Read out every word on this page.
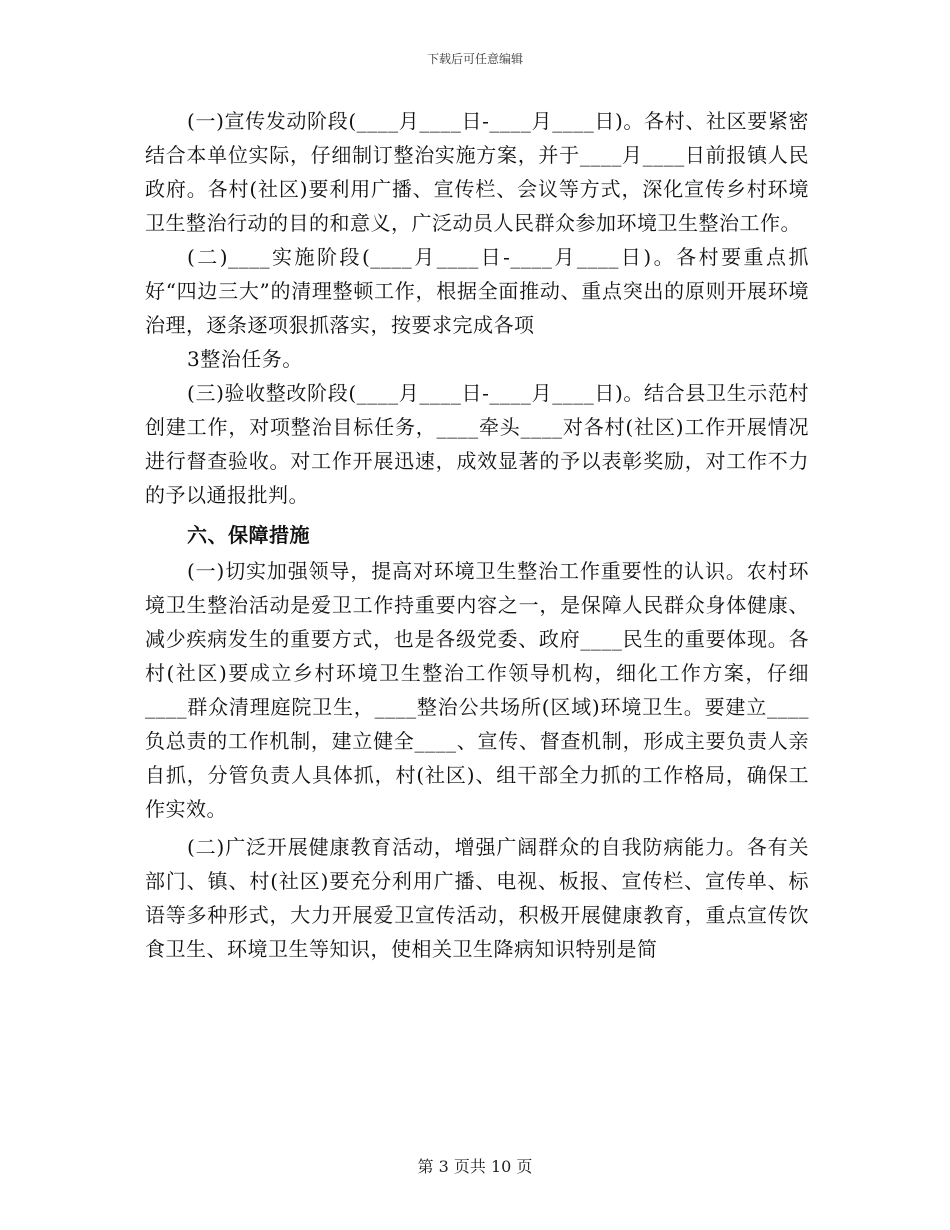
下载后可任意编辑

(一)宣传发动阶段(____月____日-____月____日)。各村、社区要紧密结合本单位实际，仔细制订整治实施方案，并于____月____日前报镇人民政府。各村(社区)要利用广播、宣传栏、会议等方式，深化宣传乡村环境卫生整治行动的目的和意义，广泛动员人民群众参加环境卫生整治工作。

(二)____实施阶段(____月____日-____月____日)。各村要重点抓好“四边三大”的清理整顿工作，根据全面推动、重点突出的原则开展环境治理，逐条逐项狠抓落实，按要求完成各项

3整治任务。

(三)验收整改阶段(____月____日-____月____日)。结合县卫生示范村创建工作，对项整治目标任务，____牵头____对各村(社区)工作开展情况进行督查验收。对工作开展迅速，成效显著的予以表彰奖励，对工作不力的予以通报批判。

六、保障措施

(一)切实加强领导，提高对环境卫生整治工作重要性的认识。农村环境卫生整治活动是爱卫工作持重要内容之一，是保障人民群众身体健康、减少疾病发生的重要方式，也是各级党委、政府____民生的重要体现。各村(社区)要成立乡村环境卫生整治工作领导机构，细化工作方案，仔细____群众清理庭院卫生，____整治公共场所(区域)环境卫生。要建立____负总责的工作机制，建立健全____、宣传、督查机制，形成主要负责人亲自抓，分管负责人具体抓，村(社区)、组干部全力抓的工作格局，确保工作实效。

(二)广泛开展健康教育活动，增强广阔群众的自我防病能力。各有关部门、镇、村(社区)要充分利用广播、电视、板报、宣传栏、宣传单、标语等多种形式，大力开展爱卫宣传活动，积极开展健康教育，重点宣传饮食卫生、环境卫生等知识，使相关卫生降病知识特别是简

第 3 页共 10 页
